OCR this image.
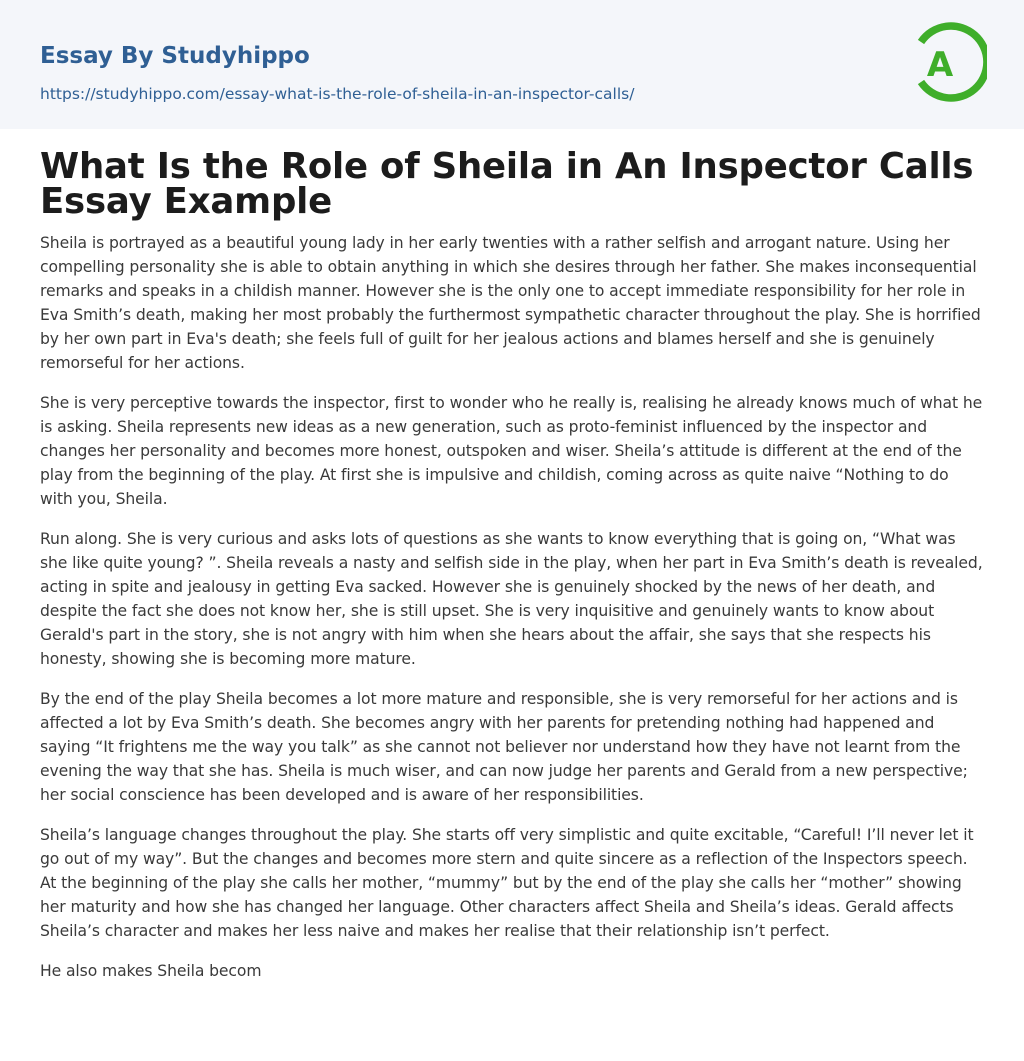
Essay By Studyhippo
https://studyhippo.com/essay-what-is-the-role-of-sheila-in-an-inspector-calls/
A
What Is the Role of Sheila in An Inspector Calls Essay Example

Sheila is portrayed as a beautiful young lady in her early twenties with a rather selfish and arrogant nature. Using her compelling personality she is able to obtain anything in which she desires through her father. She makes inconsequential remarks and speaks in a childish manner. However she is the only one to accept immediate responsibility for her role in Eva Smith’s death, making her most probably the furthermost sympathetic character throughout the play. She is horrified by her own part in Eva's death; she feels full of guilt for her jealous actions and blames herself and she is genuinely remorseful for her actions.

She is very perceptive towards the inspector, first to wonder who he really is, realising he already knows much of what he is asking. Sheila represents new ideas as a new generation, such as proto-feminist influenced by the inspector and changes her personality and becomes more honest, outspoken and wiser. Sheila’s attitude is different at the end of the play from the beginning of the play. At first she is impulsive and childish, coming across as quite naive “Nothing to do with you, Sheila.

Run along. She is very curious and asks lots of questions as she wants to know everything that is going on, “What was she like quite young? ”. Sheila reveals a nasty and selfish side in the play, when her part in Eva Smith’s death is revealed, acting in spite and jealousy in getting Eva sacked. However she is genuinely shocked by the news of her death, and despite the fact she does not know her, she is still upset. She is very inquisitive and genuinely wants to know about Gerald's part in the story, she is not angry with him when she hears about the affair, she says that she respects his honesty, showing she is becoming more mature.

By the end of the play Sheila becomes a lot more mature and responsible, she is very remorseful for her actions and is affected a lot by Eva Smith’s death. She becomes angry with her parents for pretending nothing had happened and saying “It frightens me the way you talk” as she cannot not believer nor understand how they have not learnt from the evening the way that she has. Sheila is much wiser, and can now judge her parents and Gerald from a new perspective; her social conscience has been developed and is aware of her responsibilities.

Sheila’s language changes throughout the play. She starts off very simplistic and quite excitable, “Careful! I’ll never let it go out of my way”. But the changes and becomes more stern and quite sincere as a reflection of the Inspectors speech. At the beginning of the play she calls her mother, “mummy” but by the end of the play she calls her “mother” showing her maturity and how she has changed her language. Other characters affect Sheila and Sheila’s ideas. Gerald affects Sheila’s character and makes her less naive and makes her realise that their relationship isn’t perfect.

He also makes Sheila becom
